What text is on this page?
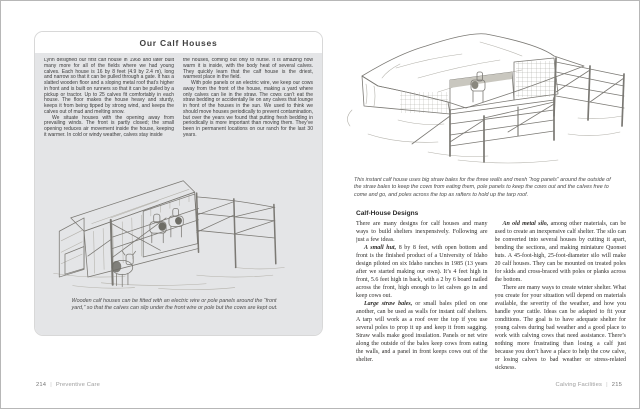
Our Calf Houses

Lynn designed our first calf house in 1968 and later built many more for all of the fields where we had young calves. Each house is 16 by 8 feet (4.9 by 2.4 m), long and narrow so that it can be pulled through a gate. It has a slatted wooden floor and a sloping metal roof that’s higher in front and is built on runners so that it can be pulled by a pickup or tractor. Up to 25 calves fit comfortably in each house. The floor makes the house heavy and sturdy, keeps it from being tipped by strong wind, and keeps the calves out of mud and melting snow.

We situate houses with the opening away from prevailing winds. The front is partly closed; the small opening reduces air movement inside the house, keeping it warmer. In cold or windy weather, calves stay inside

the houses, coming out only to nurse. It is amazing how warm it is inside, with the body heat of several calves. They quickly learn that the calf house is the driest, warmest place in the field.

With pole panels or an electric wire, we keep our cows away from the front of the house, making a yard where only calves can lie in the straw. The cows can’t eat the straw bedding or accidentally lie on any calves that lounge in front of the houses in the sun. We used to think we should move houses periodically to prevent contamination, but over the years we found that putting fresh bedding in periodically is more important than moving them. They’ve been in permanent locations on our ranch for the last 30 years.

Wooden calf houses can be fitted with an electric wire or pole panels around the “front yard,” so that the calves can slip under the front wire or pole but the cows are kept out.
214 | Preventive Care
This instant calf house uses big straw bales for the three walls and mesh “hog panels” around the outside of the straw bales to keep the cows from eating them, pole panels to keep the cows out and the calves free to come and go, and poles across the top as rafters to hold up the tarp roof.
Calf-House Designs

There are many designs for calf houses and many ways to build shelters inexpensively. Following are just a few ideas.

A small hut, 8 by 8 feet, with open bottom and front is the finished product of a University of Idaho design piloted on six Idaho ranches in 1985 (13 years after we started making our own). It’s 4 feet high in front, 5.6 feet high in back, with a 2 by 6 board nailed across the front, high enough to let calves go in and keep cows out.

Large straw bales, or small bales piled on one another, can be used as walls for instant calf shelters. A tarp will work as a roof over the top if you use several poles to prop it up and keep it from sagging. Straw walls make good insulation. Panels or net wire along the outside of the bales keep cows from eating the walls, and a panel in front keeps cows out of the shelter.

An old metal silo, among other materials, can be used to create an inexpensive calf shelter. The silo can be converted into several houses by cutting it apart, bending the sections, and making miniature Quonset huts. A 45-foot-high, 25-foot-diameter silo will make 20 calf houses. They can be mounted on treated poles for skids and cross-braced with poles or planks across the bottom.

There are many ways to create winter shelter. What you create for your situation will depend on materials available, the severity of the weather, and how you handle your cattle. Ideas can be adapted to fit your conditions. The goal is to have adequate shelter for young calves during bad weather and a good place to work with calving cows that need assistance. There’s nothing more frustrating than losing a calf just because you don’t have a place to help the cow calve, or losing calves to bad weather or stress-related sickness.

Calving Facilities | 215
